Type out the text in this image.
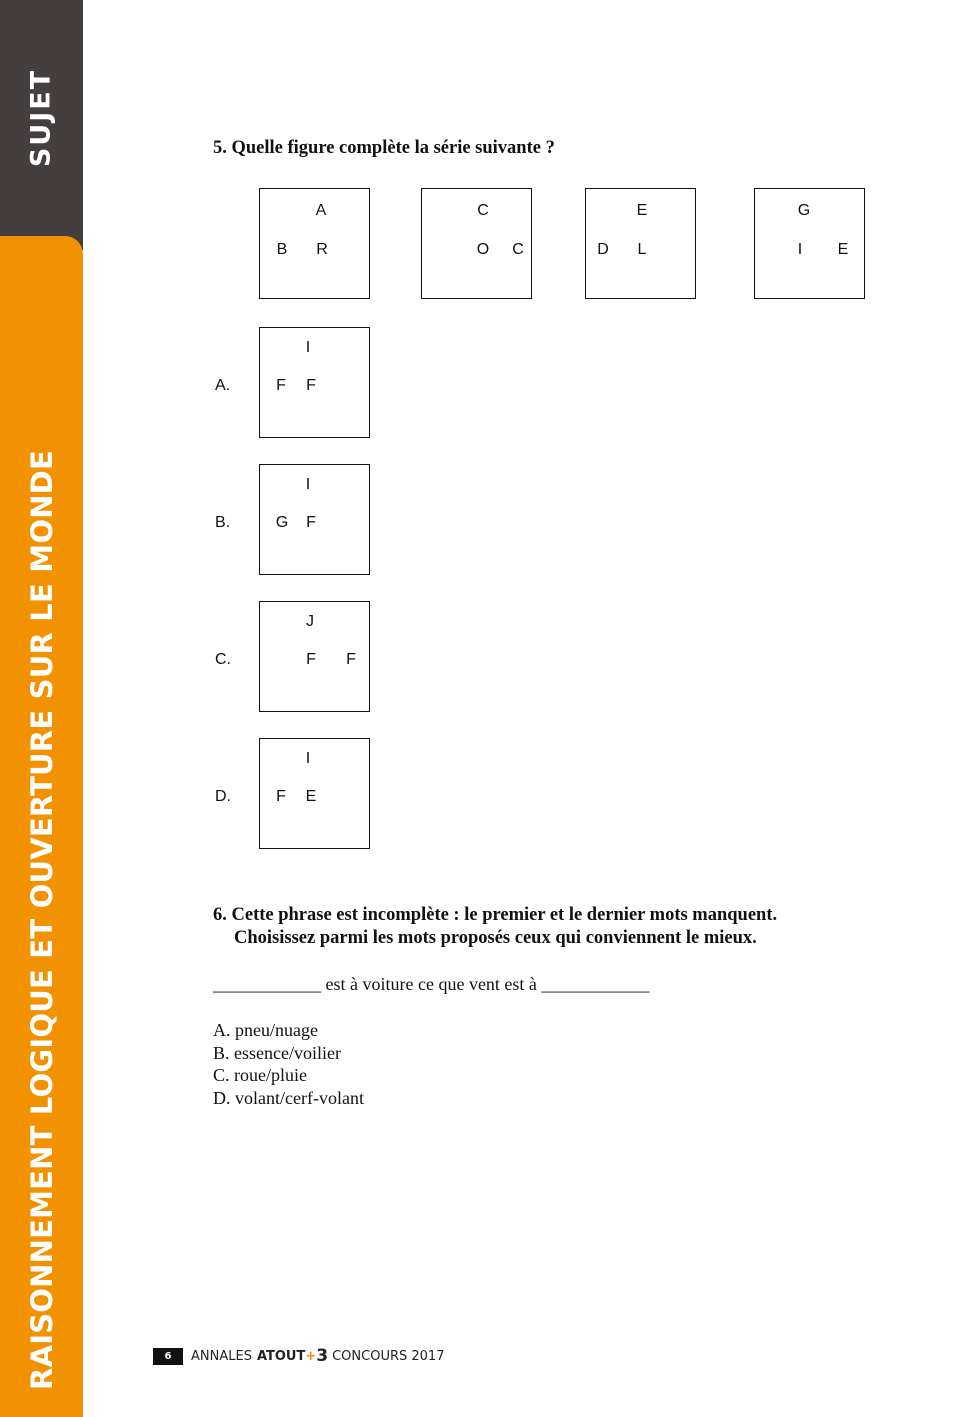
SUJET
RAISONNEMENT LOGIQUE ET OUVERTURE SUR LE MONDE
5. Quelle figure complète la série suivante ?
A
B R
C
O C
E
D L
G
I E
A.
I
F F
B.
I
G F
C.
J
F F
D.
I
F E
6. Cette phrase est incomplète : le premier et le dernier mots manquent.
Choisissez parmi les mots proposés ceux qui conviennent le mieux.
____________ est à voiture ce que vent est à ____________
A. pneu/nuage
B. essence/voilier
C. roue/pluie
D. volant/cerf-volant
6	ANNALES ATOUT + 3 CONCOURS 2017
